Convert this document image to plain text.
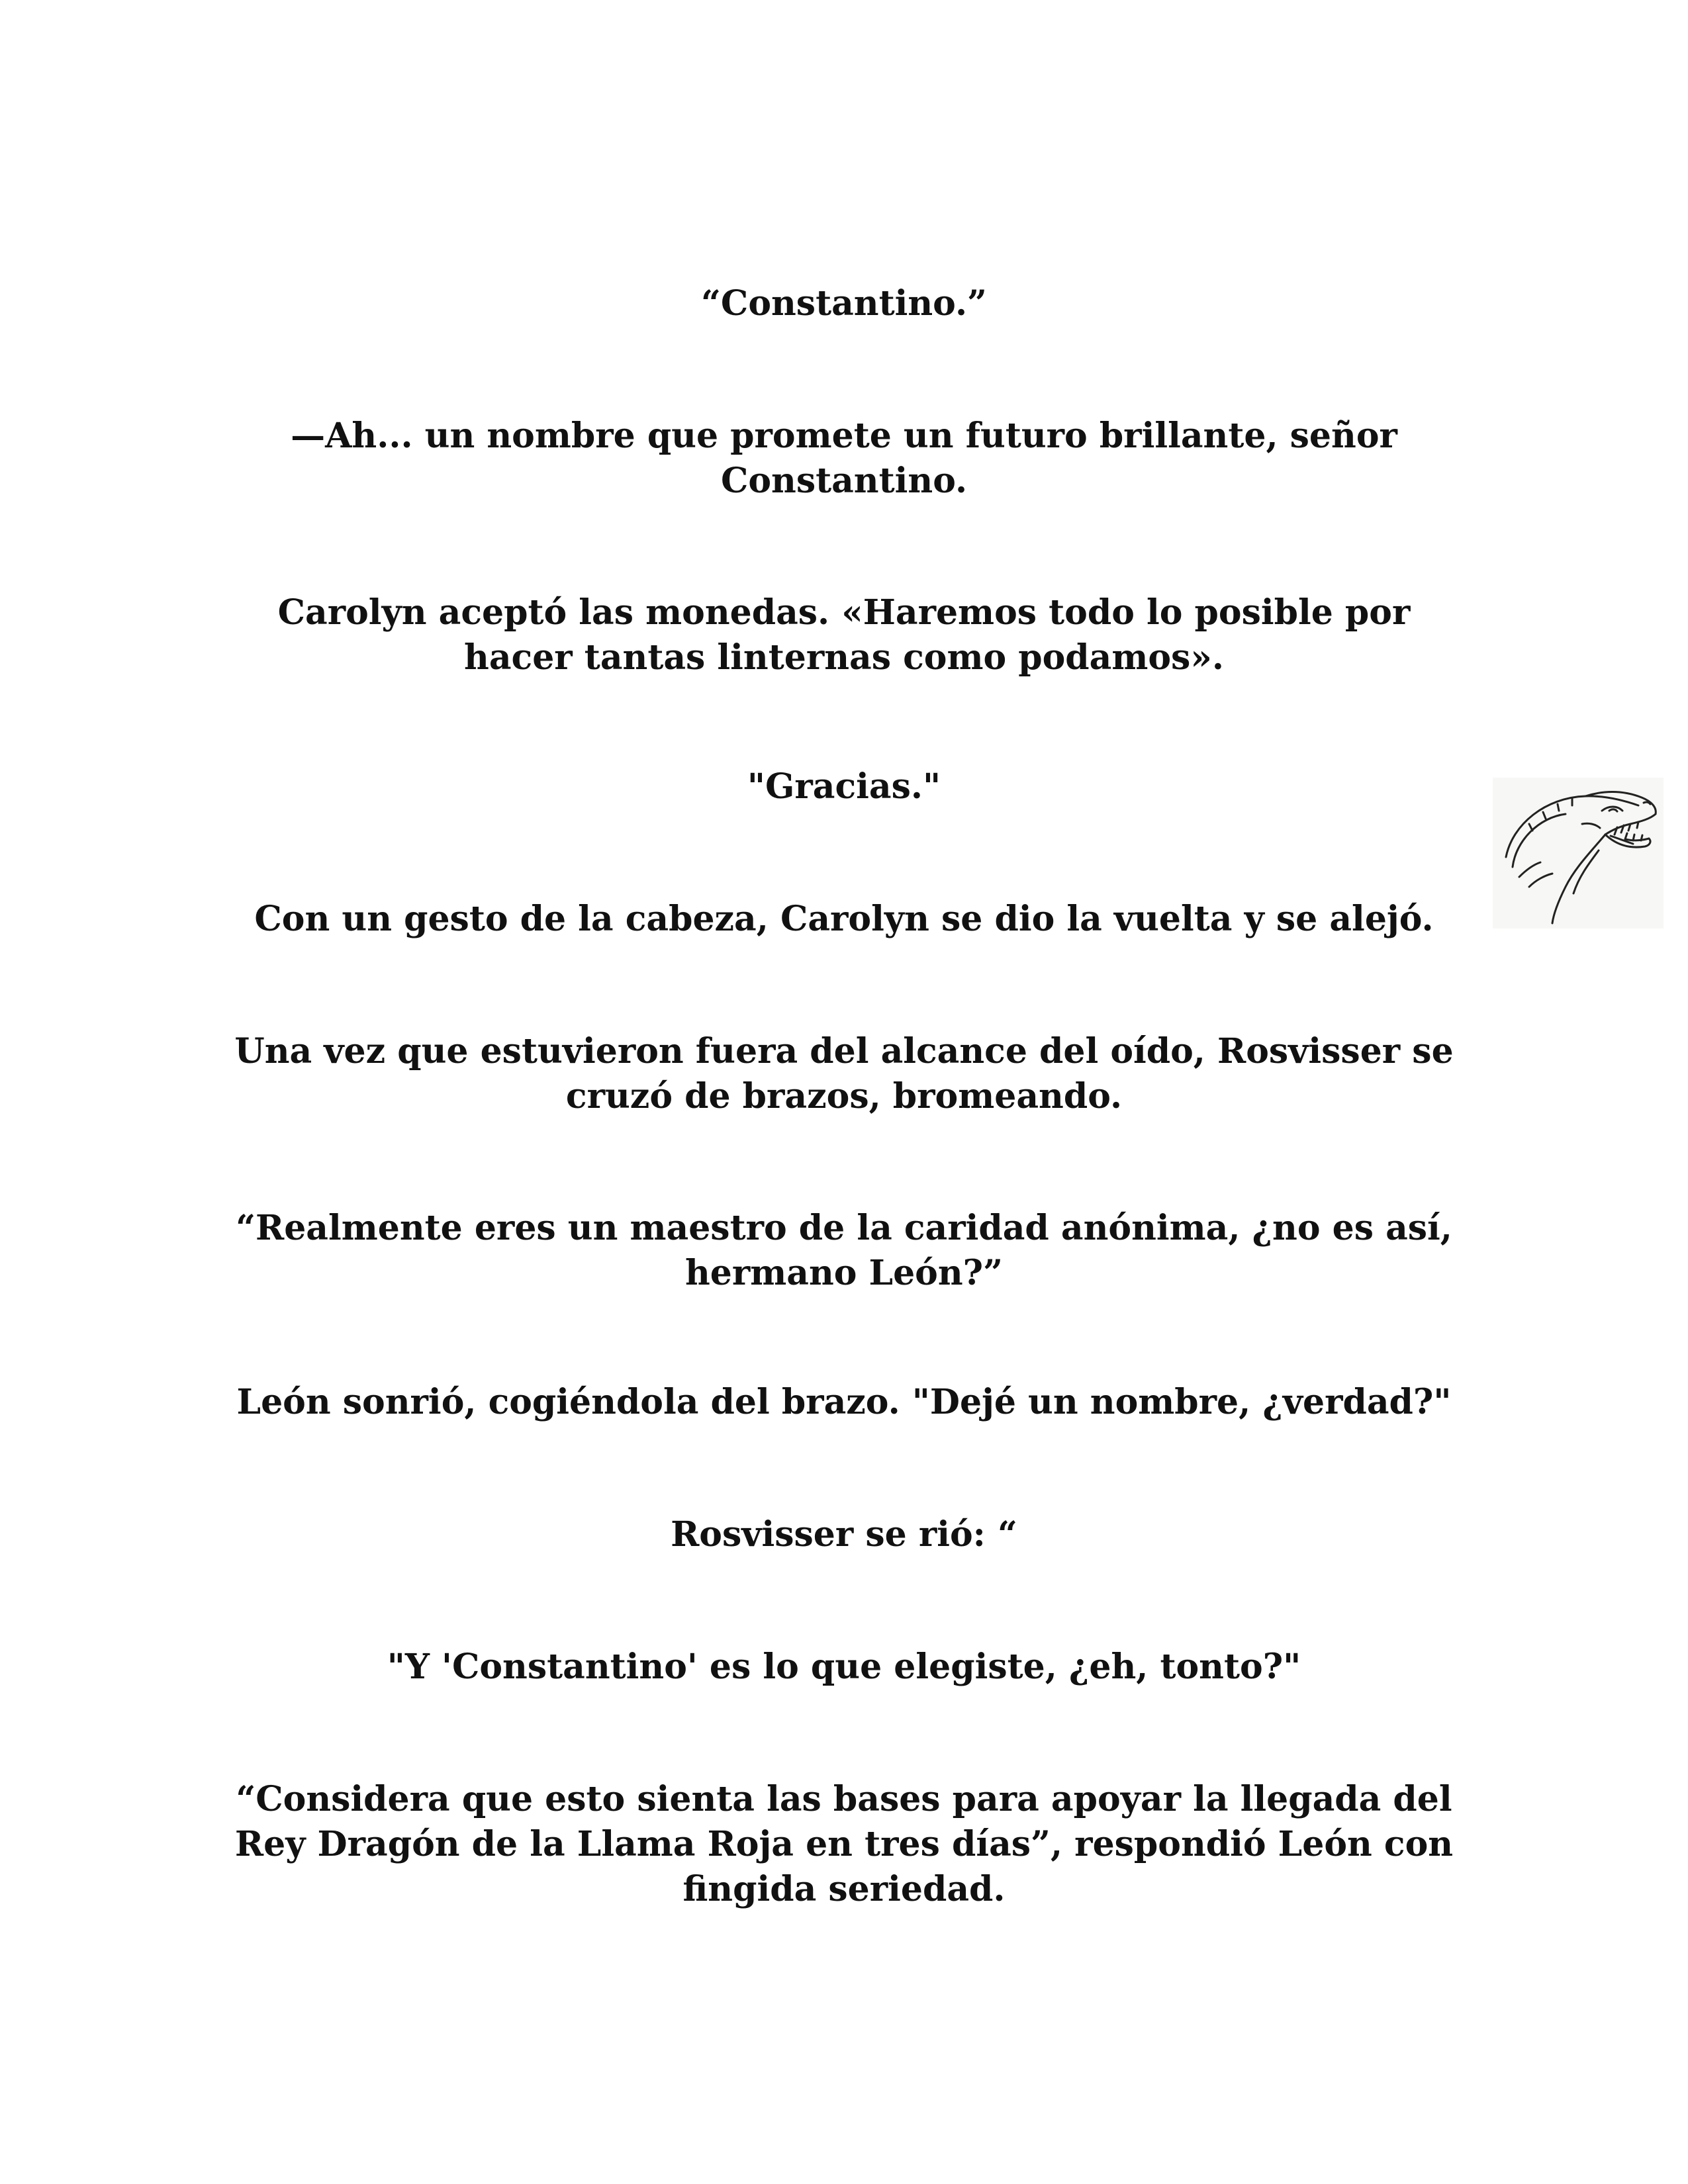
“Constantino.”

—Ah... un nombre que promete un futuro brillante, señor Constantino.

Carolyn aceptó las monedas. «Haremos todo lo posible por hacer tantas linternas como podamos».

"Gracias."

Con un gesto de la cabeza, Carolyn se dio la vuelta y se alejó.

Una vez que estuvieron fuera del alcance del oído, Rosvisser se cruzó de brazos, bromeando.

“Realmente eres un maestro de la caridad anónima, ¿no es así, hermano León?”

León sonrió, cogiéndola del brazo. "Dejé un nombre, ¿verdad?"

Rosvisser se rió: “

"Y 'Constantino' es lo que elegiste, ¿eh, tonto?"

“Considera que esto sienta las bases para apoyar la llegada del Rey Dragón de la Llama Roja en tres días”, respondió León con fingida seriedad.
